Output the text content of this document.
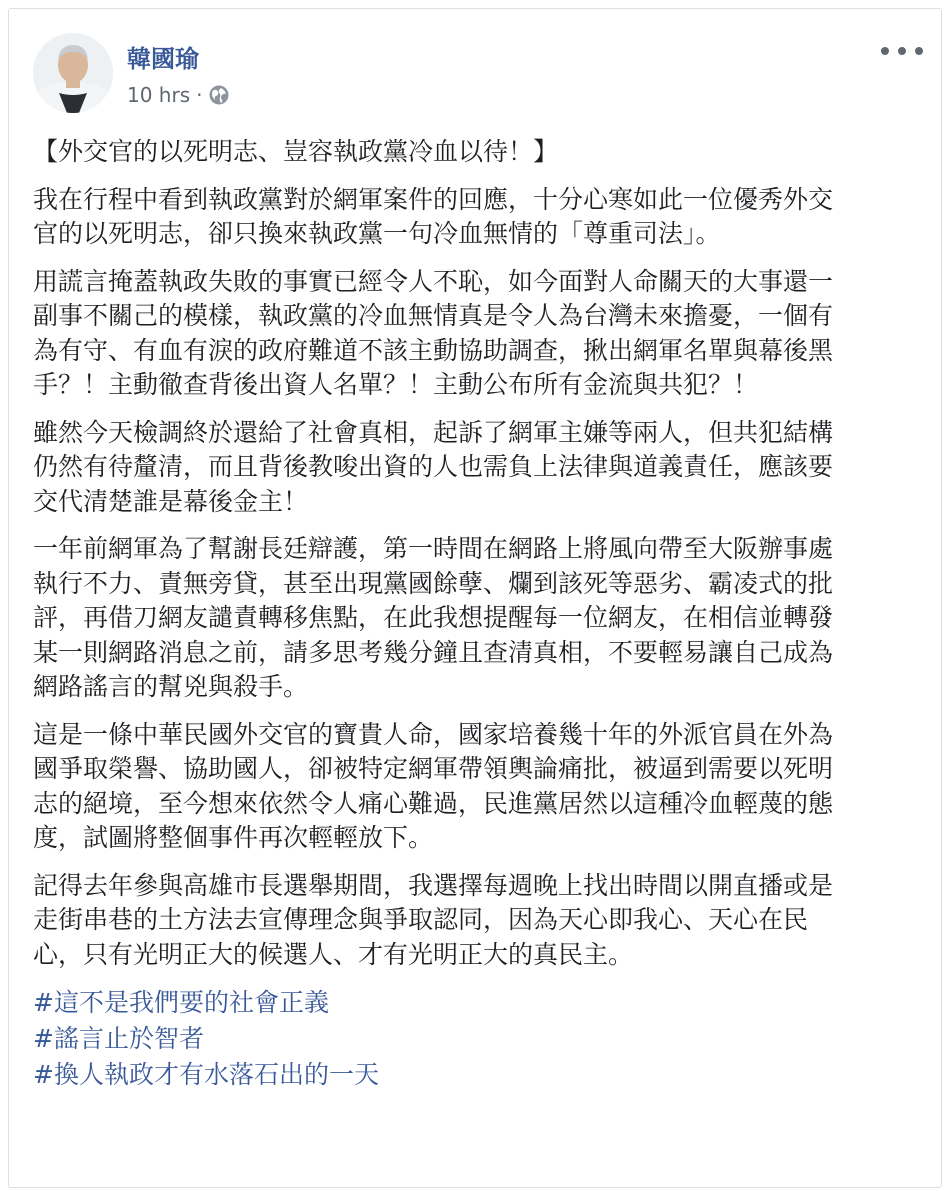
韓國瑜
10 hrs ·

【外交官的以死明志、豈容執政黨冷血以待！】

我在行程中看到執政黨對於網軍案件的回應，十分心寒如此一位優秀外交
官的以死明志，卻只換來執政黨一句冷血無情的「尊重司法」。

用謊言掩蓋執政失敗的事實已經令人不恥，如今面對人命關天的大事還一
副事不關己的模樣，執政黨的冷血無情真是令人為台灣未來擔憂，一個有
為有守、有血有淚的政府難道不該主動協助調查，揪出網軍名單與幕後黑
手？！主動徹查背後出資人名單？！主動公布所有金流與共犯？！

雖然今天檢調終於還給了社會真相，起訴了網軍主嫌等兩人，但共犯結構
仍然有待釐清，而且背後教唆出資的人也需負上法律與道義責任，應該要
交代清楚誰是幕後金主！

一年前網軍為了幫謝長廷辯護，第一時間在網路上將風向帶至大阪辦事處
執行不力、責無旁貸，甚至出現黨國餘孽、爛到該死等惡劣、霸凌式的批
評，再借刀網友譴責轉移焦點，在此我想提醒每一位網友，在相信並轉發
某一則網路消息之前，請多思考幾分鐘且查清真相，不要輕易讓自己成為
網路謠言的幫兇與殺手。

這是一條中華民國外交官的寶貴人命，國家培養幾十年的外派官員在外為
國爭取榮譽、協助國人，卻被特定網軍帶領輿論痛批，被逼到需要以死明
志的絕境，至今想來依然令人痛心難過，民進黨居然以這種冷血輕蔑的態
度，試圖將整個事件再次輕輕放下。

記得去年參與高雄市長選舉期間，我選擇每週晚上找出時間以開直播或是
走街串巷的土方法去宣傳理念與爭取認同，因為天心即我心、天心在民
心，只有光明正大的候選人、才有光明正大的真民主。

#這不是我們要的社會正義
#謠言止於智者
#換人執政才有水落石出的一天
